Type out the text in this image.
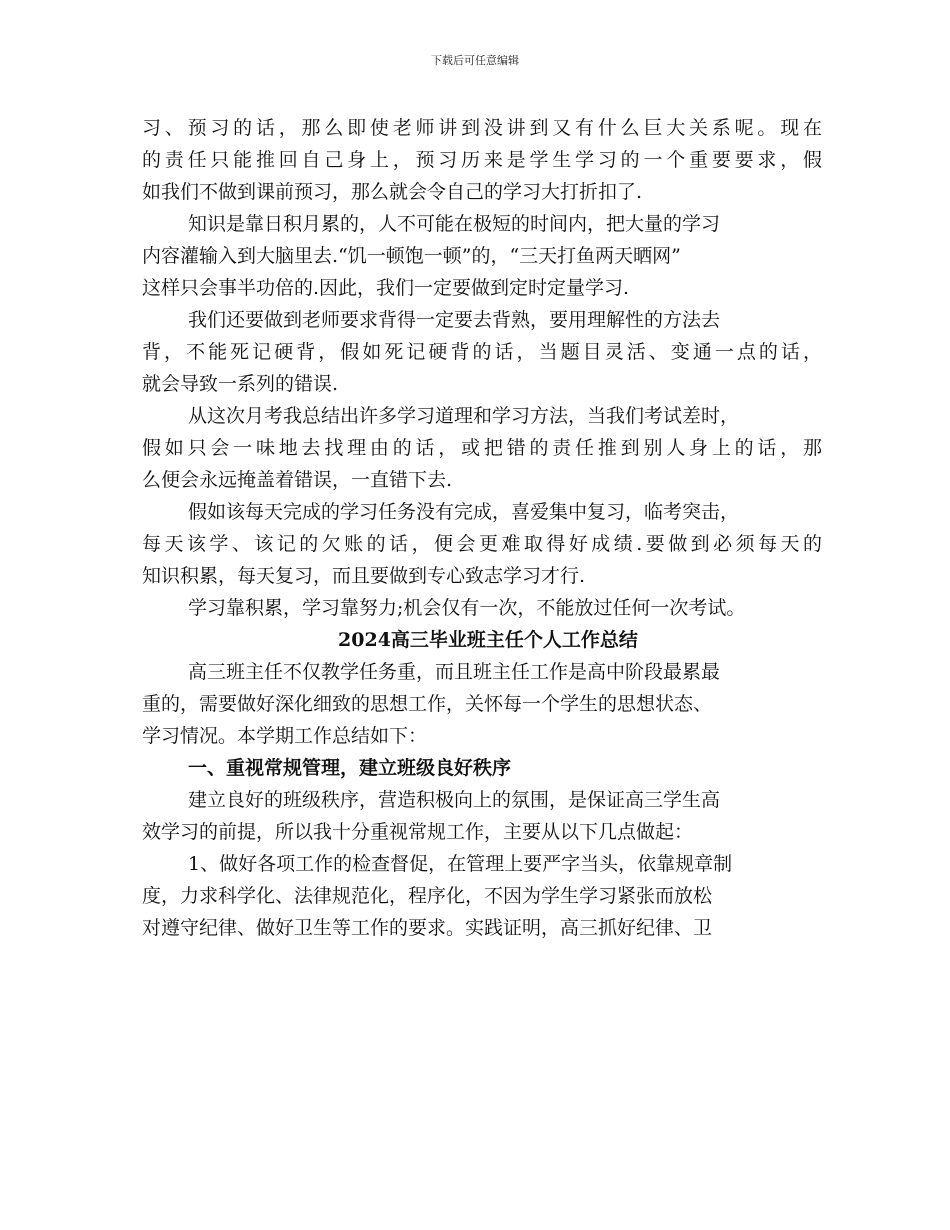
下载后可任意编辑
习、预习的话，那么即使老师讲到没讲到又有什么巨大关系呢。现在
的责任只能推回自己身上，预习历来是学生学习的一个重要要求，假
如我们不做到课前预习，那么就会令自己的学习大打折扣了.
知识是靠日积月累的，人不可能在极短的时间内，把大量的学习
内容灌输入到大脑里去.“饥一顿饱一顿”的，“三天打鱼两天晒网”
这样只会事半功倍的.因此，我们一定要做到定时定量学习.
我们还要做到老师要求背得一定要去背熟，要用理解性的方法去
背，不能死记硬背，假如死记硬背的话，当题目灵活、变通一点的话，
就会导致一系列的错误.
从这次月考我总结出许多学习道理和学习方法，当我们考试差时，
假如只会一味地去找理由的话，或把错的责任推到别人身上的话，那
么便会永远掩盖着错误，一直错下去.
假如该每天完成的学习任务没有完成，喜爱集中复习，临考突击，
每天该学、该记的欠账的话，便会更难取得好成绩.要做到必须每天的
知识积累，每天复习，而且要做到专心致志学习才行.
学习靠积累，学习靠努力;机会仅有一次，不能放过任何一次考试。
2024高三毕业班主任个人工作总结
高三班主任不仅教学任务重，而且班主任工作是高中阶段最累最
重的，需要做好深化细致的思想工作，关怀每一个学生的思想状态、
学习情况。本学期工作总结如下：
一、重视常规管理，建立班级良好秩序
建立良好的班级秩序，营造积极向上的氛围，是保证高三学生高
效学习的前提，所以我十分重视常规工作，主要从以下几点做起：
1、做好各项工作的检查督促，在管理上要严字当头，依靠规章制
度，力求科学化、法律规范化，程序化，不因为学生学习紧张而放松
对遵守纪律、做好卫生等工作的要求。实践证明，高三抓好纪律、卫
